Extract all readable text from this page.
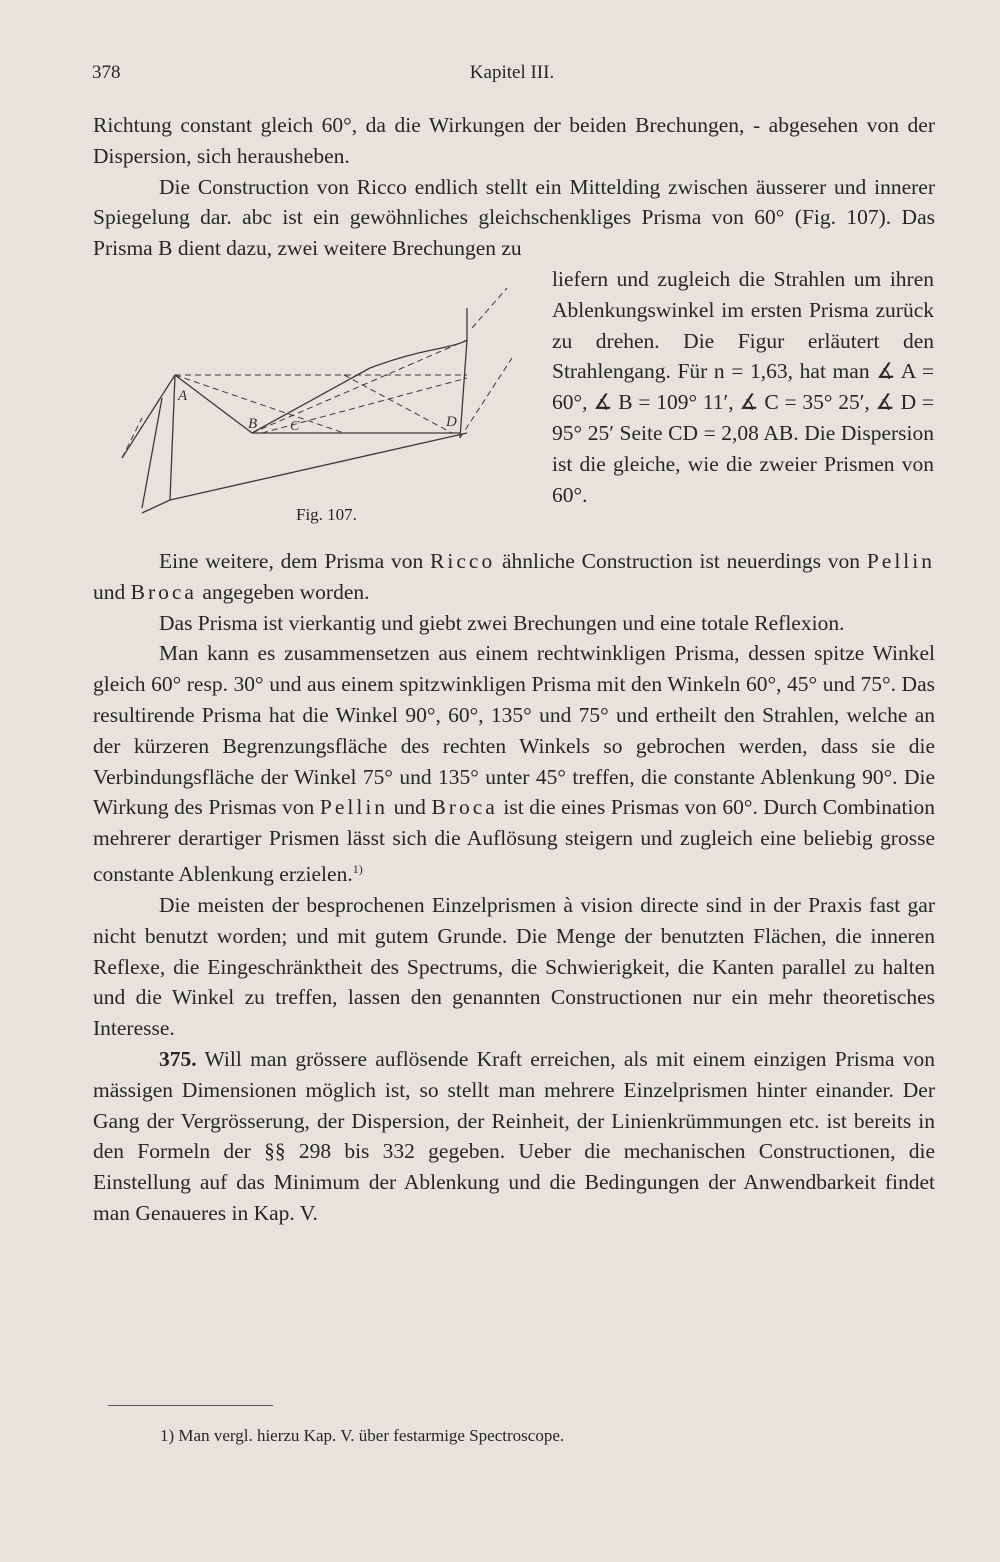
378	Kapitel III.

Richtung constant gleich 60°, da die Wirkungen der beiden Brechungen, - abgesehen von der Dispersion, sich herausheben.

Die Construction von Ricco endlich stellt ein Mittelding zwischen äusserer und innerer Spiegelung dar. abc ist ein gewöhnliches gleichschenkliges Prisma von 60° (Fig. 107). Das Prisma B dient dazu, zwei weitere Brechungen zu

liefern und zugleich die Strahlen um ihren Ablenkungswinkel im ersten Prisma zurück zu drehen. Die Figur erläutert den Strahlengang. Für n = 1,63, hat man ∡ A = 60°, ∡ B = 109° 11′, ∡ C = 35° 25′, ∡ D = 95° 25′ Seite CD = 2,08 AB. Die Dispersion ist die gleiche, wie die zweier Prismen von 60°.
A
B C	D
Fig. 107.

Eine weitere, dem Prisma von Ricco ähnliche Construction ist neuerdings von Pellin und Broca angegeben worden.

Das Prisma ist vierkantig und giebt zwei Brechungen und eine totale Reflexion.

Man kann es zusammensetzen aus einem rechtwinkligen Prisma, dessen spitze Winkel gleich 60° resp. 30° und aus einem spitzwinkligen Prisma mit den Winkeln 60°, 45° und 75°. Das resultirende Prisma hat die Winkel 90°, 60°, 135° und 75° und ertheilt den Strahlen, welche an der kürzeren Begrenzungsfläche des rechten Winkels so gebrochen werden, dass sie die Verbindungsfläche der Winkel 75° und 135° unter 45° treffen, die constante Ablenkung 90°. Die Wirkung des Prismas von Pellin und Broca ist die eines Prismas von 60°. Durch Combination mehrerer derartiger Prismen lässt sich die Auflösung steigern und zugleich eine beliebig grosse constante Ablenkung erzielen.$^{1)}$

Die meisten der besprochenen Einzelprismen à vision directe sind in der Praxis fast gar nicht benutzt worden; und mit gutem Grunde. Die Menge der benutzten Flächen, die inneren Reflexe, die Eingeschränktheit des Spectrums, die Schwierigkeit, die Kanten parallel zu halten und die Winkel zu treffen, lassen den genannten Constructionen nur ein mehr theoretisches Interesse.

375. Will man grössere auflösende Kraft erreichen, als mit einem einzigen Prisma von mässigen Dimensionen möglich ist, so stellt man mehrere Einzelprismen hinter einander. Der Gang der Vergrösserung, der Dispersion, der Reinheit, der Linienkrümmungen etc. ist bereits in den Formeln der §§ 298 bis 332 gegeben. Ueber die mechanischen Constructionen, die Einstellung auf das Minimum der Ablenkung und die Bedingungen der Anwendbarkeit findet man Genaueres in Kap. V.

1) Man vergl. hierzu Kap. V. über festarmige Spectroscope.
